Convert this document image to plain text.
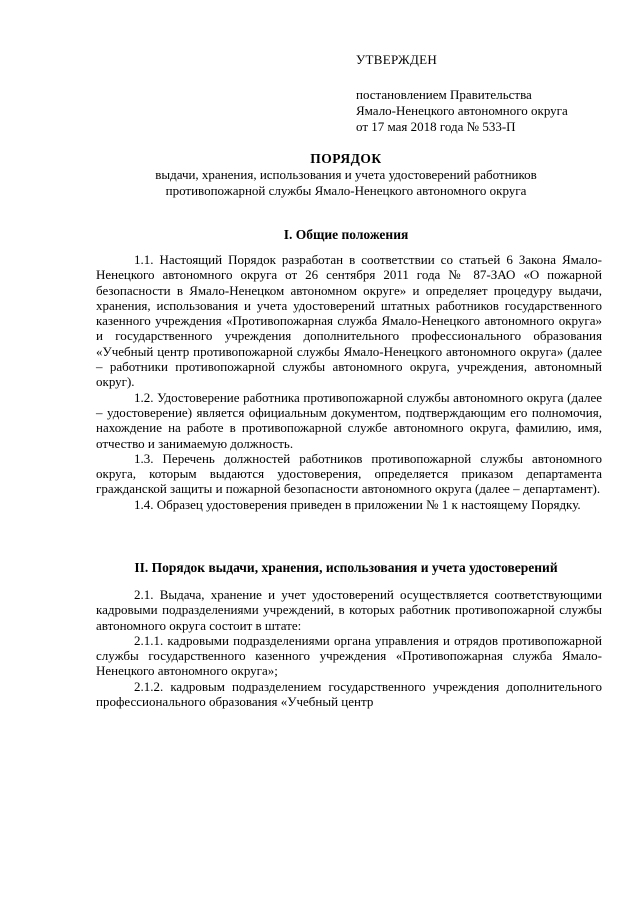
УТВЕРЖДЕН
постановлением Правительства
Ямало-Ненецкого автономного округа
от 17 мая 2018 года № 533-П
ПОРЯДОК
выдачи, хранения, использования и учета удостоверений работников
противопожарной службы Ямало-Ненецкого автономного округа
I. Общие положения

1.1. Настоящий Порядок разработан в соответствии со статьей 6 Закона Ямало-Ненецкого автономного округа от 26 сентября 2011 года № 87-ЗАО «О пожарной безопасности в Ямало-Ненецком автономном округе» и определяет процедуру выдачи, хранения, использования и учета удостоверений штатных работников государственного казенного учреждения «Противопожарная служба Ямало-Ненецкого автономного округа» и государственного учреждения дополнительного профессионального образования «Учебный центр противопожарной службы Ямало-Ненецкого автономного округа» (далее – работники противопожарной службы автономного округа, учреждения, автономный округ).

1.2. Удостоверение работника противопожарной службы автономного округа (далее – удостоверение) является официальным документом, подтверждающим его полномочия, нахождение на работе в противопожарной службе автономного округа, фамилию, имя, отчество и занимаемую должность.

1.3. Перечень должностей работников противопожарной службы автономного округа, которым выдаются удостоверения, определяется приказом департамента гражданской защиты и пожарной безопасности автономного округа (далее – департамент).

1.4. Образец удостоверения приведен в приложении № 1 к настоящему Порядку.

II. Порядок выдачи, хранения, использования и учета удостоверений

2.1. Выдача, хранение и учет удостоверений осуществляется соответствующими кадровыми подразделениями учреждений, в которых работник противопожарной службы автономного округа состоит в штате:

2.1.1. кадровыми подразделениями органа управления и отрядов противопожарной службы государственного казенного учреждения «Противопожарная служба Ямало-Ненецкого автономного округа»;

2.1.2. кадровым подразделением государственного учреждения дополнительного профессионального образования «Учебный центр
